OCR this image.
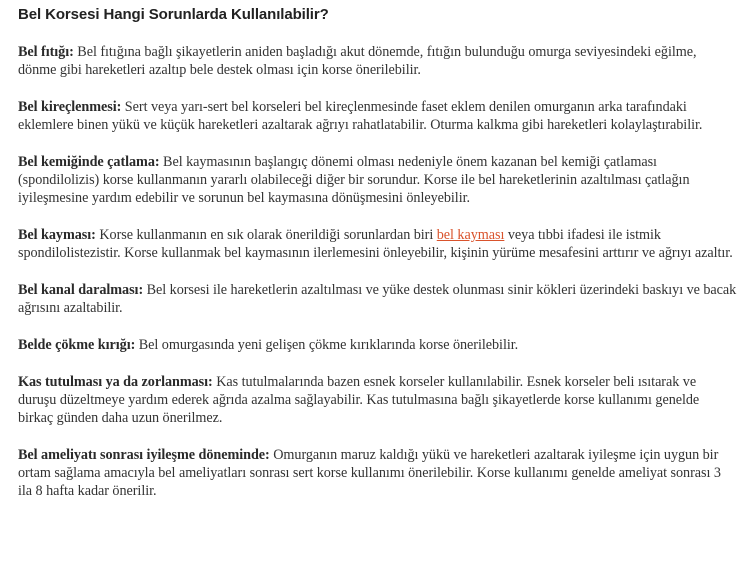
Bel Korsesi Hangi Sorunlarda Kullanılabilir?

Bel fıtığı: Bel fıtığına bağlı şikayetlerin aniden başladığı akut dönemde, fıtığın bulunduğu omurga seviyesindeki eğilme, dönme gibi hareketleri azaltıp bele destek olması için korse önerilebilir.

Bel kireçlenmesi: Sert veya yarı-sert bel korseleri bel kireçlenmesinde faset eklem denilen omurganın arka tarafındaki eklemlere binen yükü ve küçük hareketleri azaltarak ağrıyı rahatlatabilir. Oturma kalkma gibi hareketleri kolaylaştırabilir.

Bel kemiğinde çatlama: Bel kaymasının başlangıç dönemi olması nedeniyle önem kazanan bel kemiği çatlaması (spondilolizis) korse kullanmanın yararlı olabileceği diğer bir sorundur. Korse ile bel hareketlerinin azaltılması çatlağın iyileşmesine yardım edebilir ve sorunun bel kaymasına dönüşmesini önleyebilir.

Bel kayması: Korse kullanmanın en sık olarak önerildiği sorunlardan biri bel kayması veya tıbbi ifadesi ile istmik spondilolistezistir. Korse kullanmak bel kaymasının ilerlemesini önleyebilir, kişinin yürüme mesafesini arttırır ve ağrıyı azaltır.

Bel kanal daralması: Bel korsesi ile hareketlerin azaltılması ve yüke destek olunması sinir kökleri üzerindeki baskıyı ve bacak ağrısını azaltabilir.

Belde çökme kırığı: Bel omurgasında yeni gelişen çökme kırıklarında korse önerilebilir.

Kas tutulması ya da zorlanması: Kas tutulmalarında bazen esnek korseler kullanılabilir. Esnek korseler beli ısıtarak ve duruşu düzeltmeye yardım ederek ağrıda azalma sağlayabilir. Kas tutulmasına bağlı şikayetlerde korse kullanımı genelde birkaç günden daha uzun önerilmez.

Bel ameliyatı sonrası iyileşme döneminde: Omurganın maruz kaldığı yükü ve hareketleri azaltarak iyileşme için uygun bir ortam sağlama amacıyla bel ameliyatları sonrası sert korse kullanımı önerilebilir. Korse kullanımı genelde ameliyat sonrası 3 ila 8 hafta kadar önerilir.
